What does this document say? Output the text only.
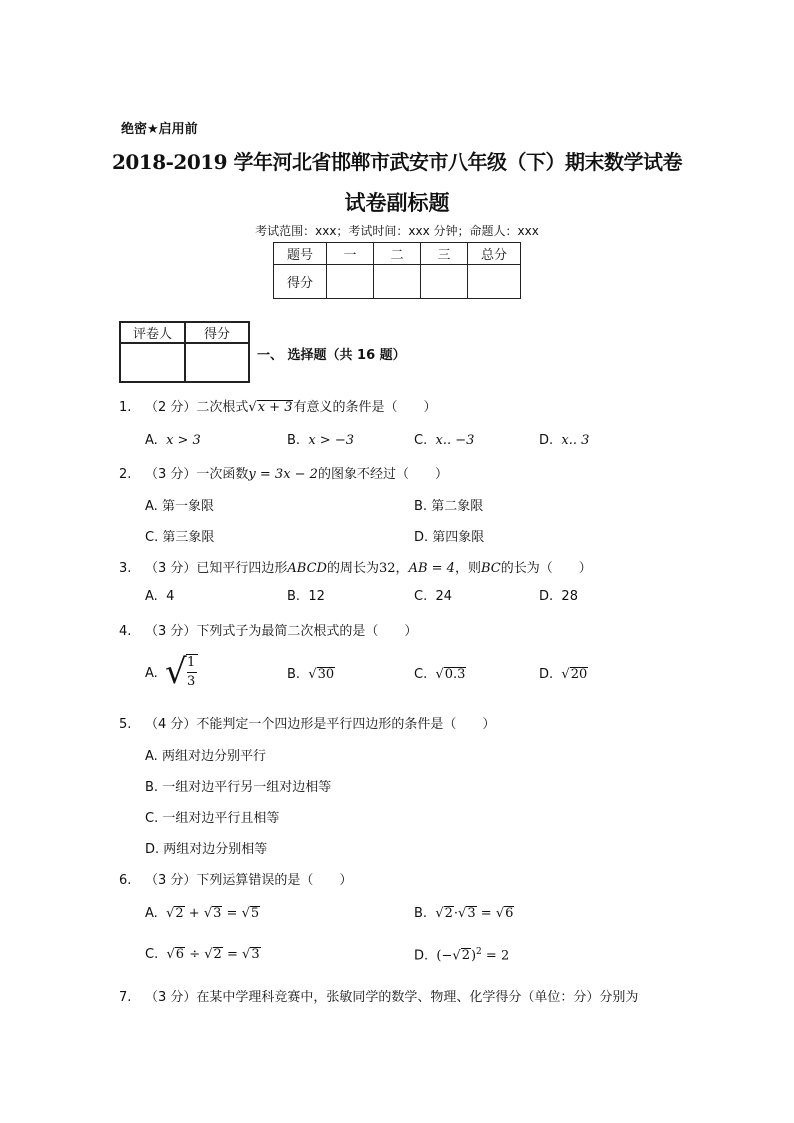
绝密★启用前
2018-2019 学年河北省邯郸市武安市八年级（下）期末数学试卷
试卷副标题
考试范围：xxx；考试时间：xxx 分钟；命题人：xxx
题号	一	二	三	总分
得分				
评卷人	得分

一、 选择题（共 16 题）
1. （2 分）二次根式√x + 3有意义的条件是（　　）
A. x > 3	B. x > −3	C. x.. −3	D. x.. 3
2. （3 分）一次函数y = 3x − 2的图象不经过（　　）
A. 第一象限	B. 第二象限
C. 第三象限	D. 第四象限
3. （3 分）已知平行四边形ABCD的周长为32，AB = 4，则BC的长为（　　）
A. 4	B. 12	C. 24	D. 28
4. （3 分）下列式子为最简二次根式的是（　　）
A. √ 1
3	B. √30	C. √0.3	D. √20
5. （4 分）不能判定一个四边形是平行四边形的条件是（　　）
A. 两组对边分别平行
B. 一组对边平行另一组对边相等
C. 一组对边平行且相等
D. 两组对边分别相等
6. （3 分）下列运算错误的是（　　）
A. √2 + √3 = √5	B. √2·√3 = √6
C. √6 ÷ √2 = √3	D. $(-√2)^2 = 2$
7. （3 分）在某中学理科竞赛中，张敏同学的数学、物理、化学得分（单位：分）分别为
